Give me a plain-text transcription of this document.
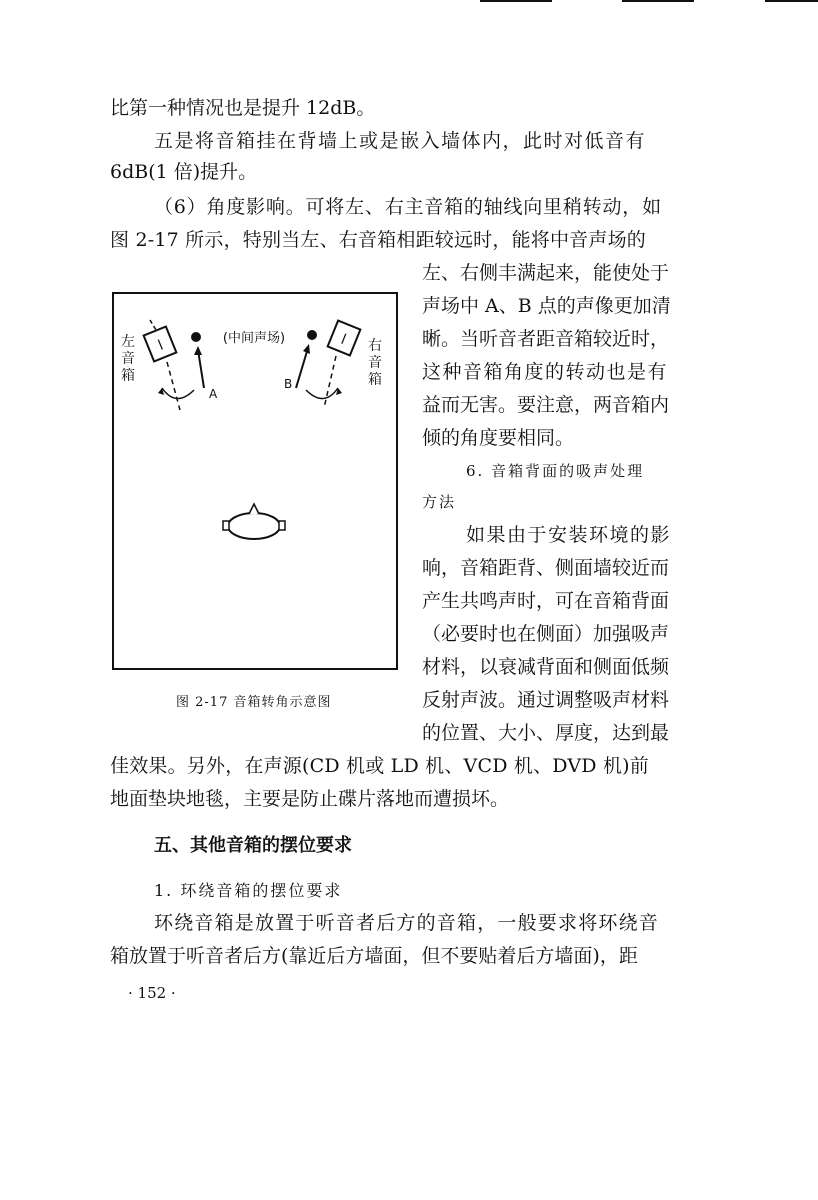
比第一种情况也是提升 12dB。
五是将音箱挂在背墙上或是嵌入墙体内，此时对低音有
6dB(1 倍)提升。
（6）角度影响。可将左、右主音箱的轴线向里稍转动，如
图 2-17 所示，特别当左、右音箱相距较远时，能将中音声场的
左、右侧丰满起来，能使处于
声场中 A、B 点的声像更加清
晰。当听音者距音箱较近时，
这种音箱角度的转动也是有
益而无害。要注意，两音箱内
倾的角度要相同。
6. 音箱背面的吸声处理
方法
如果由于安装环境的影
响，音箱距背、侧面墙较近而
产生共鸣声时，可在音箱背面
（必要时也在侧面）加强吸声
材料，以衰减背面和侧面低频
反射声波。通过调整吸声材料
的位置、大小、厚度，达到最
佳效果。另外，在声源(CD 机或 LD 机、VCD 机、DVD 机)前
地面垫块地毯，主要是防止碟片落地而遭损坏。
五、其他音箱的摆位要求
1. 环绕音箱的摆位要求
环绕音箱是放置于听音者后方的音箱，一般要求将环绕音
箱放置于听音者后方(靠近后方墙面，但不要贴着后方墙面)，距
· 152 ·
l	l
(中间声场)
A
B
左音箱
右音箱
图 2-17 音箱转角示意图
